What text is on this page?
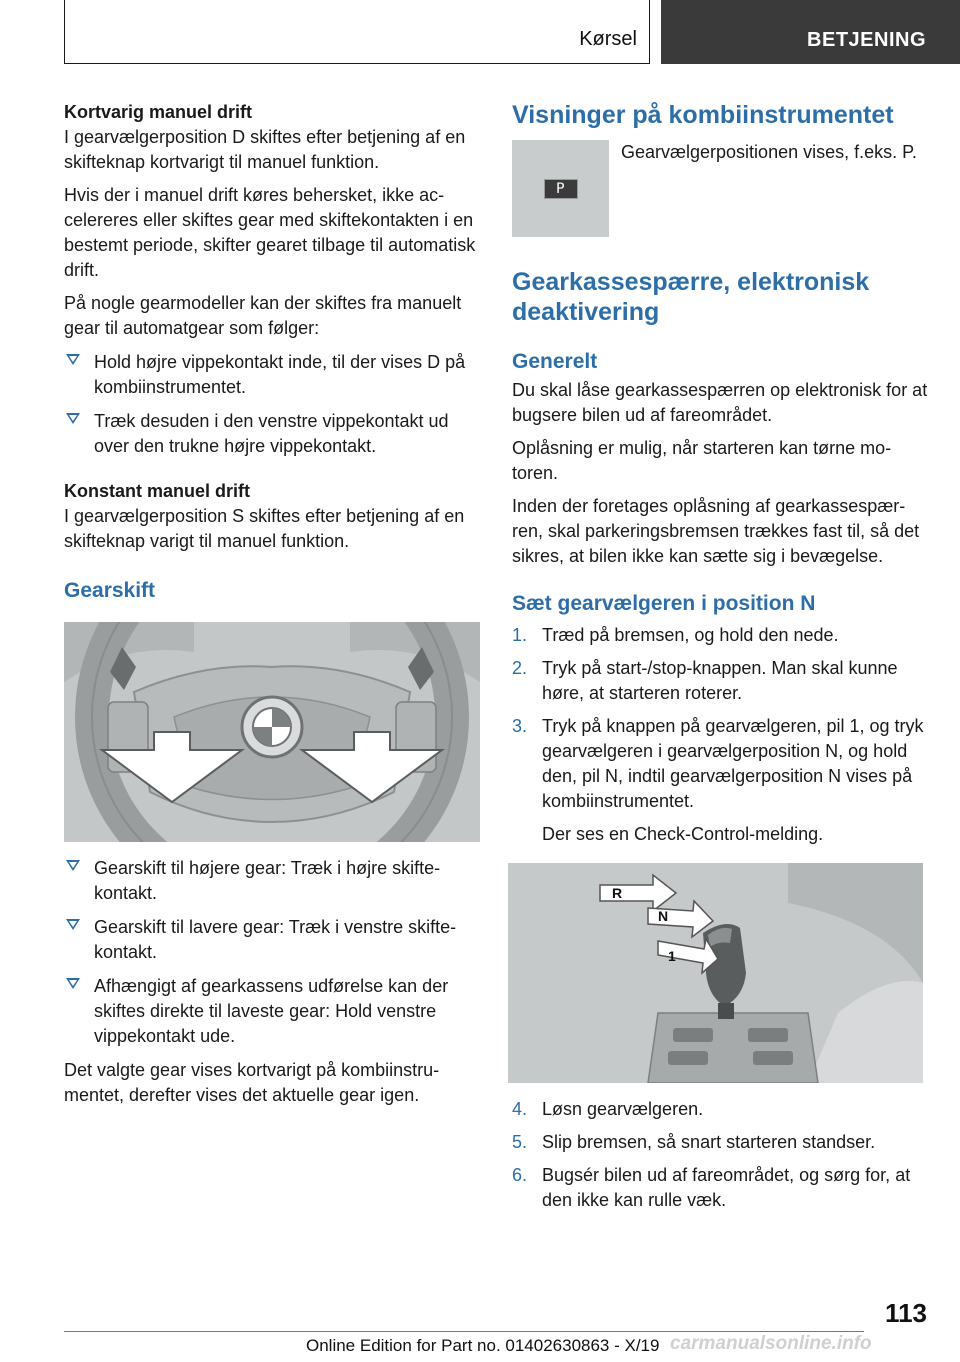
Kørsel	BETJENING
Kortvarig manuel drift
I gearvælgerposition D skiftes efter betjening af en skifteknap kortvarigt til manuel funktion.
Hvis der i manuel drift køres behersket, ikke accelereres eller skiftes gear med skiftekontakten i en bestemt periode, skifter gearet tilbage til automatisk drift.
På nogle gearmodeller kan der skiftes fra manuelt gear til automatgear som følger:
Hold højre vippekontakt inde, til der vises D på kombiinstrumentet.
Træk desuden i den venstre vippekontakt ud over den trukne højre vippekontakt.
Konstant manuel drift
I gearvælgerposition S skiftes efter betjening af en skifteknap varigt til manuel funktion.
Gearskift
Gearskift til højere gear: Træk i højre skiftekontakt.
Gearskift til lavere gear: Træk i venstre skiftekontakt.
Afhængigt af gearkassens udførelse kan der skiftes direkte til laveste gear: Hold venstre vippekontakt ude.
Det valgte gear vises kortvarigt på kombiinstrumentet, derefter vises det aktuelle gear igen.
Visninger på kombiinstrumentet
P
Gearvælgerpositionen vises, f.eks. P.
Gearkassespærre, elektronisk deaktivering
Generelt
Du skal låse gearkassespærren op elektronisk for at bugsere bilen ud af fareområdet.
Oplåsning er mulig, når starteren kan tørne motoren.
Inden der foretages oplåsning af gearkassespærren, skal parkeringsbremsen trækkes fast til, så det sikres, at bilen ikke kan sætte sig i bevægelse.
Sæt gearvælgeren i position N
1. Træd på bremsen, og hold den nede.
2. Tryk på start-/stop-knappen. Man skal kunne høre, at starteren roterer.
3. Tryk på knappen på gearvælgeren, pil 1, og tryk gearvælgeren i gearvælgerposition N, og hold den, pil N, indtil gearvælgerposition N vises på kombiinstrumentet.
Der ses en Check-Control-melding.
R
N
1
4. Løsn gearvælgeren.
5. Slip bremsen, så snart starteren standser.
6. Bugsér bilen ud af fareområdet, og sørg for, at den ikke kan rulle væk.
113
Online Edition for Part no. 01402630863 - X/19 carmanualsonline.info
